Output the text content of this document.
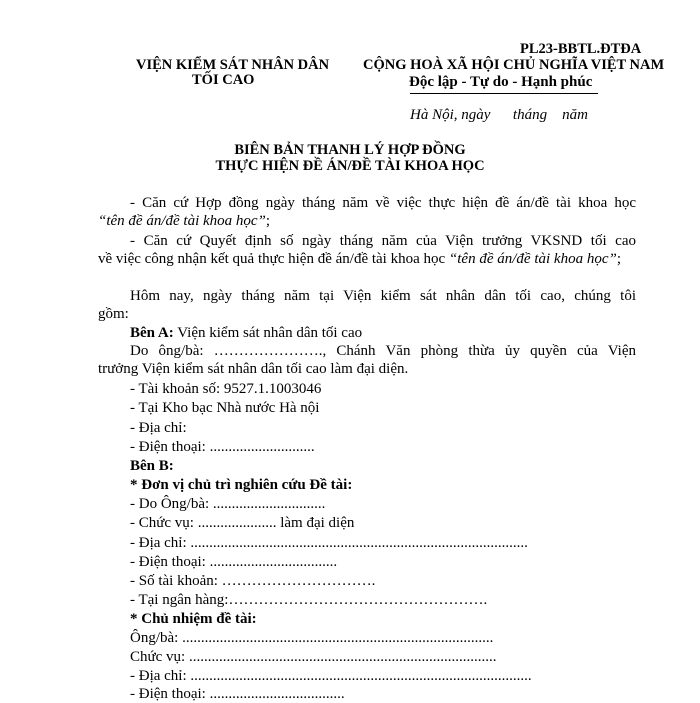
PL23-BBTL.ĐTĐA
VIỆN KIỂM SÁT NHÂN DÂN
TỐI CAO
CỘNG HOÀ XÃ HỘI CHỦ NGHĨA VIỆT NAM
Độc lập - Tự do - Hạnh phúc
Hà Nội, ngày      tháng    năm
BIÊN BẢN THANH LÝ HỢP ĐỒNG
THỰC HIỆN ĐỀ ÁN/ĐỀ TÀI KHOA HỌC
- Căn cứ Hợp đồng ngày tháng năm về việc thực hiện đề án/đề tài khoa học
“tên đề án/đề tài khoa học”;
- Căn cứ Quyết định số ngày tháng năm của Viện trưởng VKSND tối cao
về việc công nhận kết quả thực hiện đề án/đề tài khoa học “tên đề án/đề tài khoa học”;
Hôm nay, ngày tháng năm tại Viện kiểm sát nhân dân tối cao, chúng tôi
gồm:
Bên A: Viện kiểm sát nhân dân tối cao
Do ông/bà: …………………., Chánh Văn phòng thừa ủy quyền của Viện
trưởng Viện kiểm sát nhân dân tối cao làm đại diện.
- Tài khoản số: 9527.1.1003046
- Tại Kho bạc Nhà nước Hà nội
- Địa chỉ:
- Điện thoại: ............................
Bên B:
* Đơn vị chủ trì nghiên cứu Đề tài:
- Do Ông/bà: ..............................
- Chức vụ: ..................... làm đại diện
- Địa chỉ: ..........................................................................................
- Điện thoại: ..................................
- Số tài khoản: ………………………….
- Tại ngân hàng:…………………………………………….
* Chủ nhiệm đề tài:
Ông/bà: ...................................................................................
Chức vụ: ..................................................................................
- Địa chỉ: ...........................................................................................
- Điện thoại: ....................................
